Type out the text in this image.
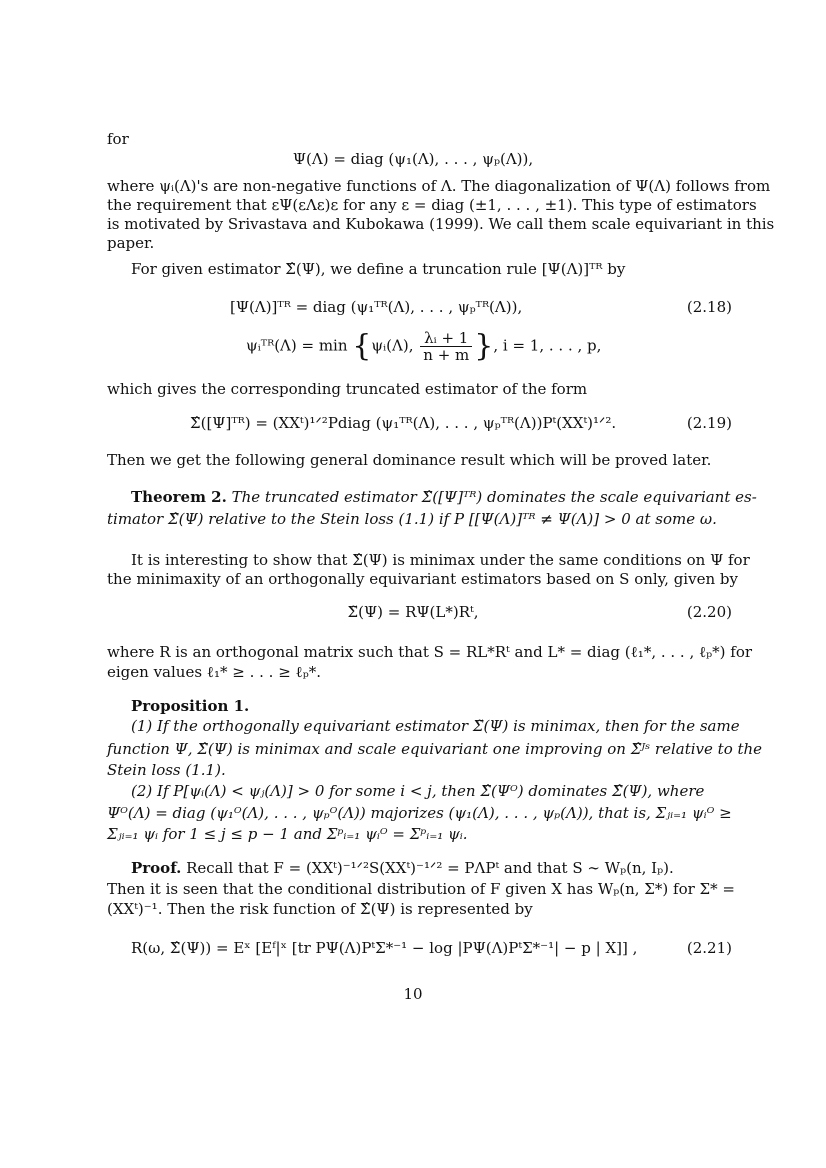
for
Ψ(Λ) = diag (ψ₁(Λ), . . . , ψₚ(Λ)),
where ψᵢ(Λ)'s are non-negative functions of Λ. The diagonalization of Ψ(Λ) follows from
the requirement that εΨ(εΛε)ε for any ε = diag (±1, . . . , ±1). This type of estimators
is motivated by Srivastava and Kubokawa (1999). We call them scale equivariant in this
paper.
For given estimator Σ̂(Ψ), we define a truncation rule [Ψ(Λ)]ᵀᴿ by
[Ψ(Λ)]ᵀᴿ = diag (ψ₁ᵀᴿ(Λ), . . . , ψₚᵀᴿ(Λ)),	(2.18)
ψᵢᵀᴿ(Λ) = min {ψᵢ(Λ), $\frac{\text{λᵢ + 1}}{n + m}$ }, i = 1, . . . , p,
which gives the corresponding truncated estimator of the form
Σ̂([Ψ]ᵀᴿ) = (XXᵗ)¹ᐟ²Pdiag (ψ₁ᵀᴿ(Λ), . . . , ψₚᵀᴿ(Λ))Pᵗ(XXᵗ)¹ᐟ².	(2.19)
Then we get the following general dominance result which will be proved later.
Theorem 2. The truncated estimator Σ̂([Ψ]ᵀᴿ) dominates the scale equivariant es-
timator Σ̂(Ψ) relative to the Stein loss (1.1) if P [[Ψ(Λ)]ᵀᴿ ≠ Ψ(Λ)] > 0 at some ω.
It is interesting to show that Σ̂(Ψ) is minimax under the same conditions on Ψ for
the minimaxity of an orthogonally equivariant estimators based on S only, given by
Σ̃(Ψ) = RΨ(L*)Rᵗ,	(2.20)
where R is an orthogonal matrix such that S = RL*Rᵗ and L* = diag (ℓ₁*, . . . , ℓₚ*) for
eigen values ℓ₁* ≥ . . . ≥ ℓₚ*.
Proposition 1.
(1) If the orthogonally equivariant estimator Σ̃(Ψ) is minimax, then for the same
function Ψ, Σ̂(Ψ) is minimax and scale equivariant one improving on Σ̂ᴶˢ relative to the
Stein loss (1.1).
(2) If P[ψᵢ(Λ) < ψⱼ(Λ)] > 0 for some i < j, then Σ̂(Ψᴼ) dominates Σ̂(Ψ), where
Ψᴼ(Λ) = diag (ψ₁ᴼ(Λ), . . . , ψₚᴼ(Λ)) majorizes (ψ₁(Λ), . . . , ψₚ(Λ)), that is, Σⱼᵢ₌₁ ψᵢᴼ ≥
Σⱼᵢ₌₁ ψᵢ for 1 ≤ j ≤ p − 1 and Σᵖᵢ₌₁ ψᵢᴼ = Σᵖᵢ₌₁ ψᵢ.
Proof. Recall that F = (XXᵗ)⁻¹ᐟ²S(XXᵗ)⁻¹ᐟ² = PΛPᵗ and that S ∼ Wₚ(n, Iₚ).
Then it is seen that the conditional distribution of F given X has Wₚ(n, Σ*) for Σ* =
(XXᵗ)⁻¹. Then the risk function of Σ̂(Ψ) is represented by
R(ω, Σ̂(Ψ)) = Eˣ [Eᶠ|ˣ [tr PΨ(Λ)PᵗΣ*⁻¹ − log |PΨ(Λ)PᵗΣ*⁻¹| − p | X]] ,	(2.21)
10
